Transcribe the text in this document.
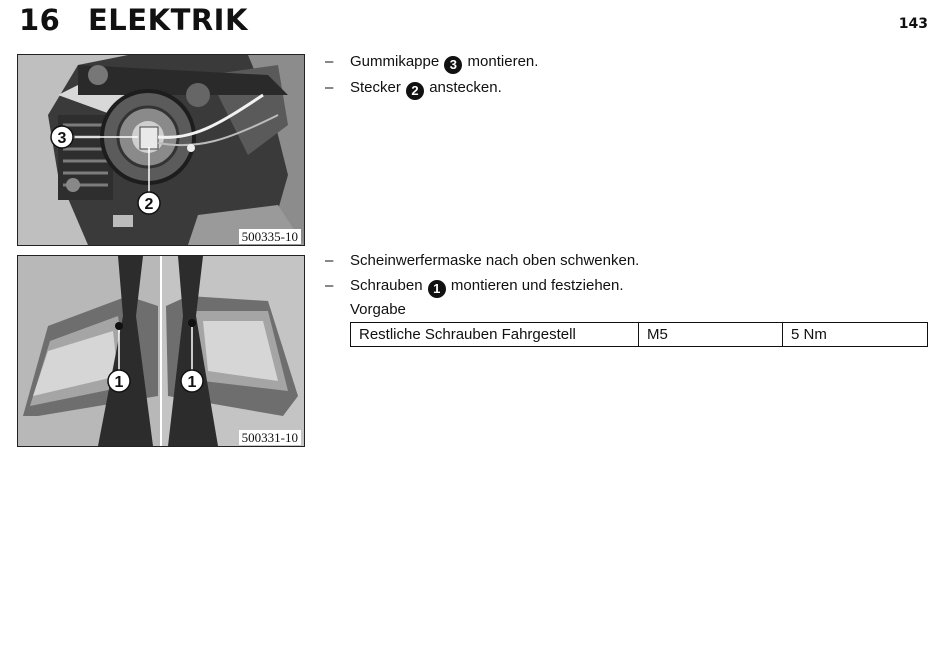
16 ELEKTRIK	143
3
2
500335-10
1	1
500331-10
– Gummikappe 3 montieren.
– Stecker 2 anstecken.
– Scheinwerfermaske nach oben schwenken.
– Schrauben 1 montieren und festziehen.
Vorgabe
Restliche Schrauben Fahrgestell	M5	5 Nm
